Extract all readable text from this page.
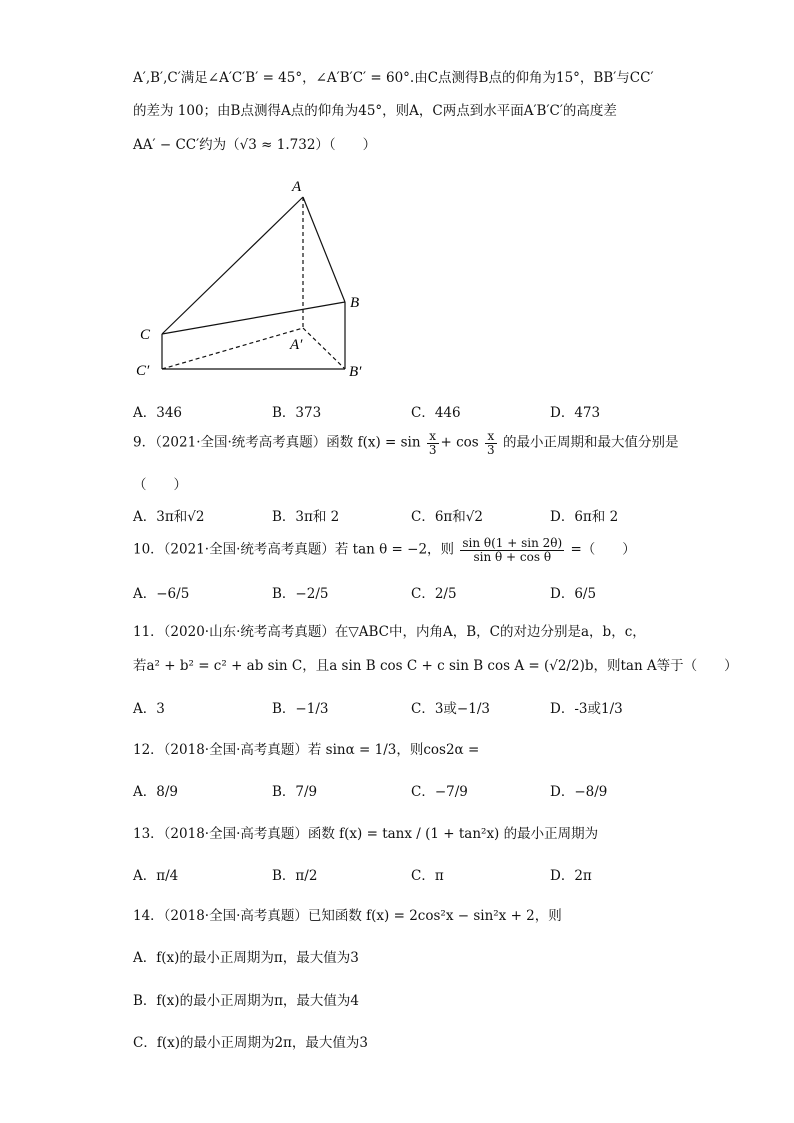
A′,B′,C′满足∠A′C′B′ = 45°，∠A′B′C′ = 60°.由C点测得B点的仰角为15°，BB′与CC′
的差为 100；由B点测得A点的仰角为45°，则A，C两点到水平面A′B′C′的高度差
AA′ − CC′约为（√3 ≈ 1.732）（　　）
A
B
C
A′
B′
C′
A．346	B．373	C．446	D．473
9．（2021·全国·统考高考真题）函数 $f(x) = \sin \frac{x}{3} + \cos \frac{x}{3}$ 的最小正周期和最大值分别是
（　　）
A．3π和√2	B．3π和 2	C．6π和√2	D．6π和 2
10．（2021·全国·统考高考真题）若 tan θ = −2，则 $\frac{\text{sin θ(1 + sin 2θ)}}{\text{sin θ + cos θ}}$ =（　　）
A．−6/5	B．−2/5	C．2/5	D．6/5
11．（2020·山东·统考高考真题）在▽ABC中，内角A，B，C的对边分别是a，b，c，
若a² + b² = c² + ab sin C，且a sin B cos C + c sin B cos A = (√2/2)b，则tan A等于（　　）
A．3	B．−1/3	C．3或−1/3	D．-3或1/3
12．（2018·全国·高考真题）若 sinα = 1/3，则cos2α =
A．8/9	B．7/9	C．−7/9	D．−8/9
13．（2018·全国·高考真题）函数 f(x) = tanx / (1 + tan²x) 的最小正周期为
A．π/4	B．π/2	C．π	D．2π
14．（2018·全国·高考真题）已知函数 f(x) = 2cos²x − sin²x + 2，则
A．f(x)的最小正周期为π，最大值为3
B．f(x)的最小正周期为π，最大值为4
C．f(x)的最小正周期为2π，最大值为3
